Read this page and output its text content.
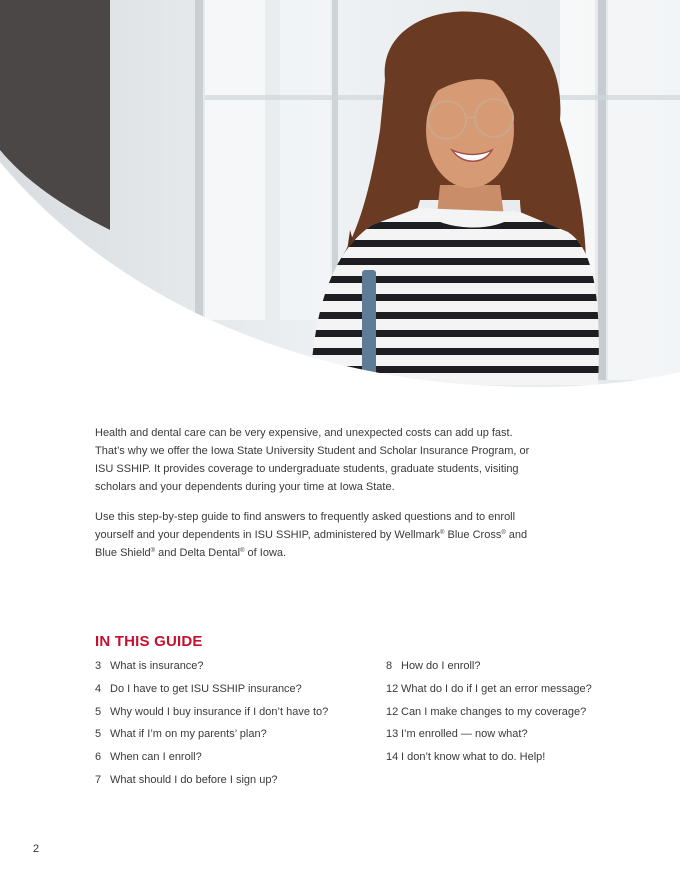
Health and dental care can be very expensive, and unexpected costs can add up fast. That’s why we offer the Iowa State University Student and Scholar Insurance Program, or ISU SSHIP. It provides coverage to undergraduate students, graduate students, visiting scholars and your dependents during your time at Iowa State.

Use this step-by-step guide to find answers to frequently asked questions and to enroll yourself and your dependents in ISU SSHIP, administered by Wellmark® Blue Cross® and Blue Shield® and Delta Dental® of Iowa.

IN THIS GUIDE
3 What is insurance?
4 Do I have to get ISU SSHIP insurance?
5 Why would I buy insurance if I don’t have to?
5 What if I’m on my parents’ plan?
6 When can I enroll?
7 What should I do before I sign up?
8 How do I enroll?
12 What do I do if I get an error message?
12 Can I make changes to my coverage?
13 I’m enrolled — now what?
14 I don’t know what to do. Help!
2
